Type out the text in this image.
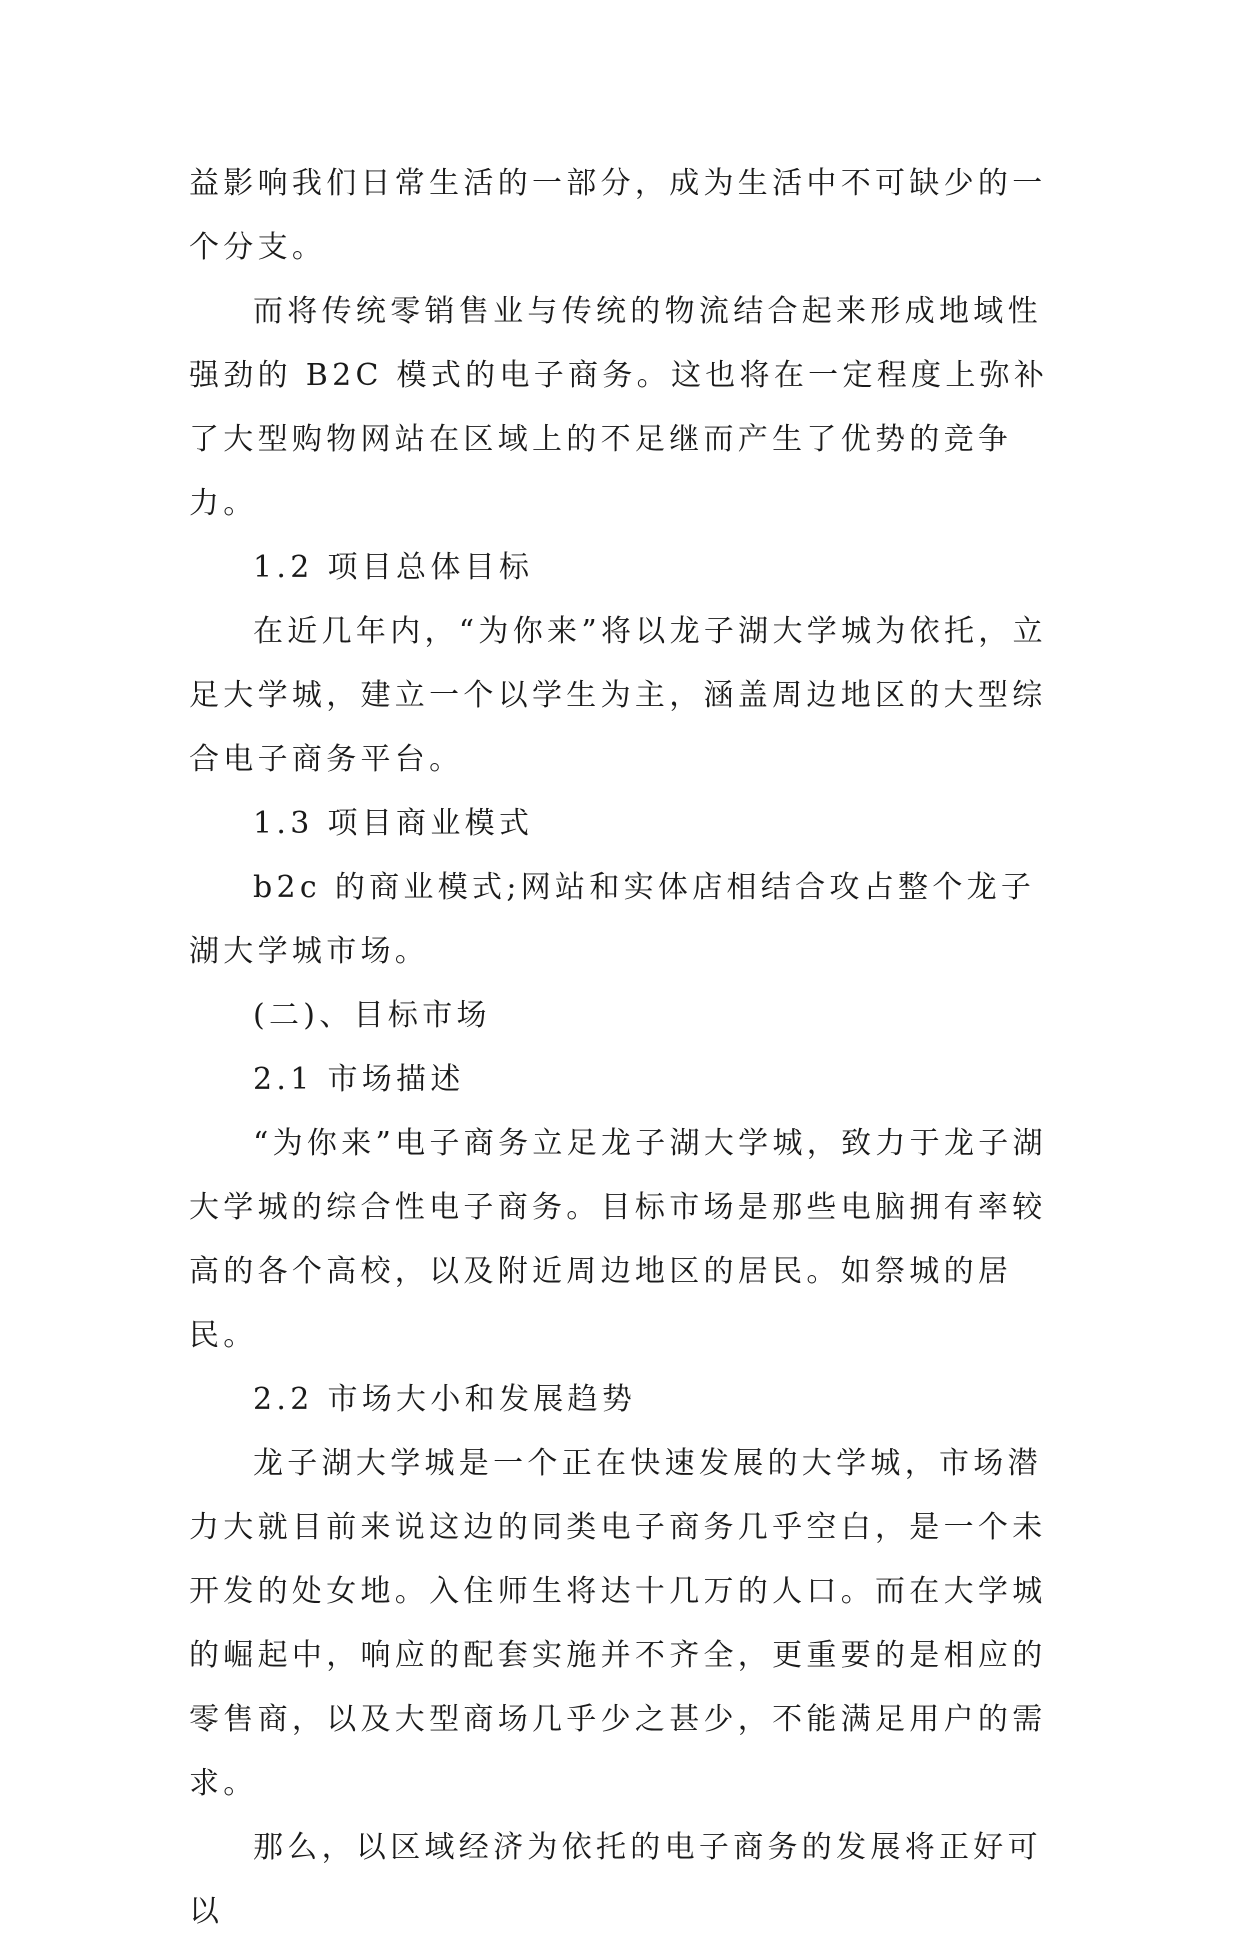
益影响我们日常生活的一部分，成为生活中不可缺少的一个分支。

而将传统零销售业与传统的物流结合起来形成地域性强劲的 B2C 模式的电子商务。这也将在一定程度上弥补了大型购物网站在区域上的不足继而产生了优势的竞争力。

1.2 项目总体目标

在近几年内，“为你来”将以龙子湖大学城为依托，立足大学城，建立一个以学生为主，涵盖周边地区的大型综合电子商务平台。

1.3 项目商业模式

b2c 的商业模式;网站和实体店相结合攻占整个龙子湖大学城市场。

(二)、目标市场

2.1 市场描述

“为你来”电子商务立足龙子湖大学城，致力于龙子湖大学城的综合性电子商务。目标市场是那些电脑拥有率较高的各个高校，以及附近周边地区的居民。如祭城的居民。

2.2 市场大小和发展趋势

龙子湖大学城是一个正在快速发展的大学城，市场潜力大就目前来说这边的同类电子商务几乎空白，是一个未开发的处女地。入住师生将达十几万的人口。而在大学城的崛起中，响应的配套实施并不齐全，更重要的是相应的零售商，以及大型商场几乎少之甚少，不能满足用户的需求。

那么，以区域经济为依托的电子商务的发展将正好可以
